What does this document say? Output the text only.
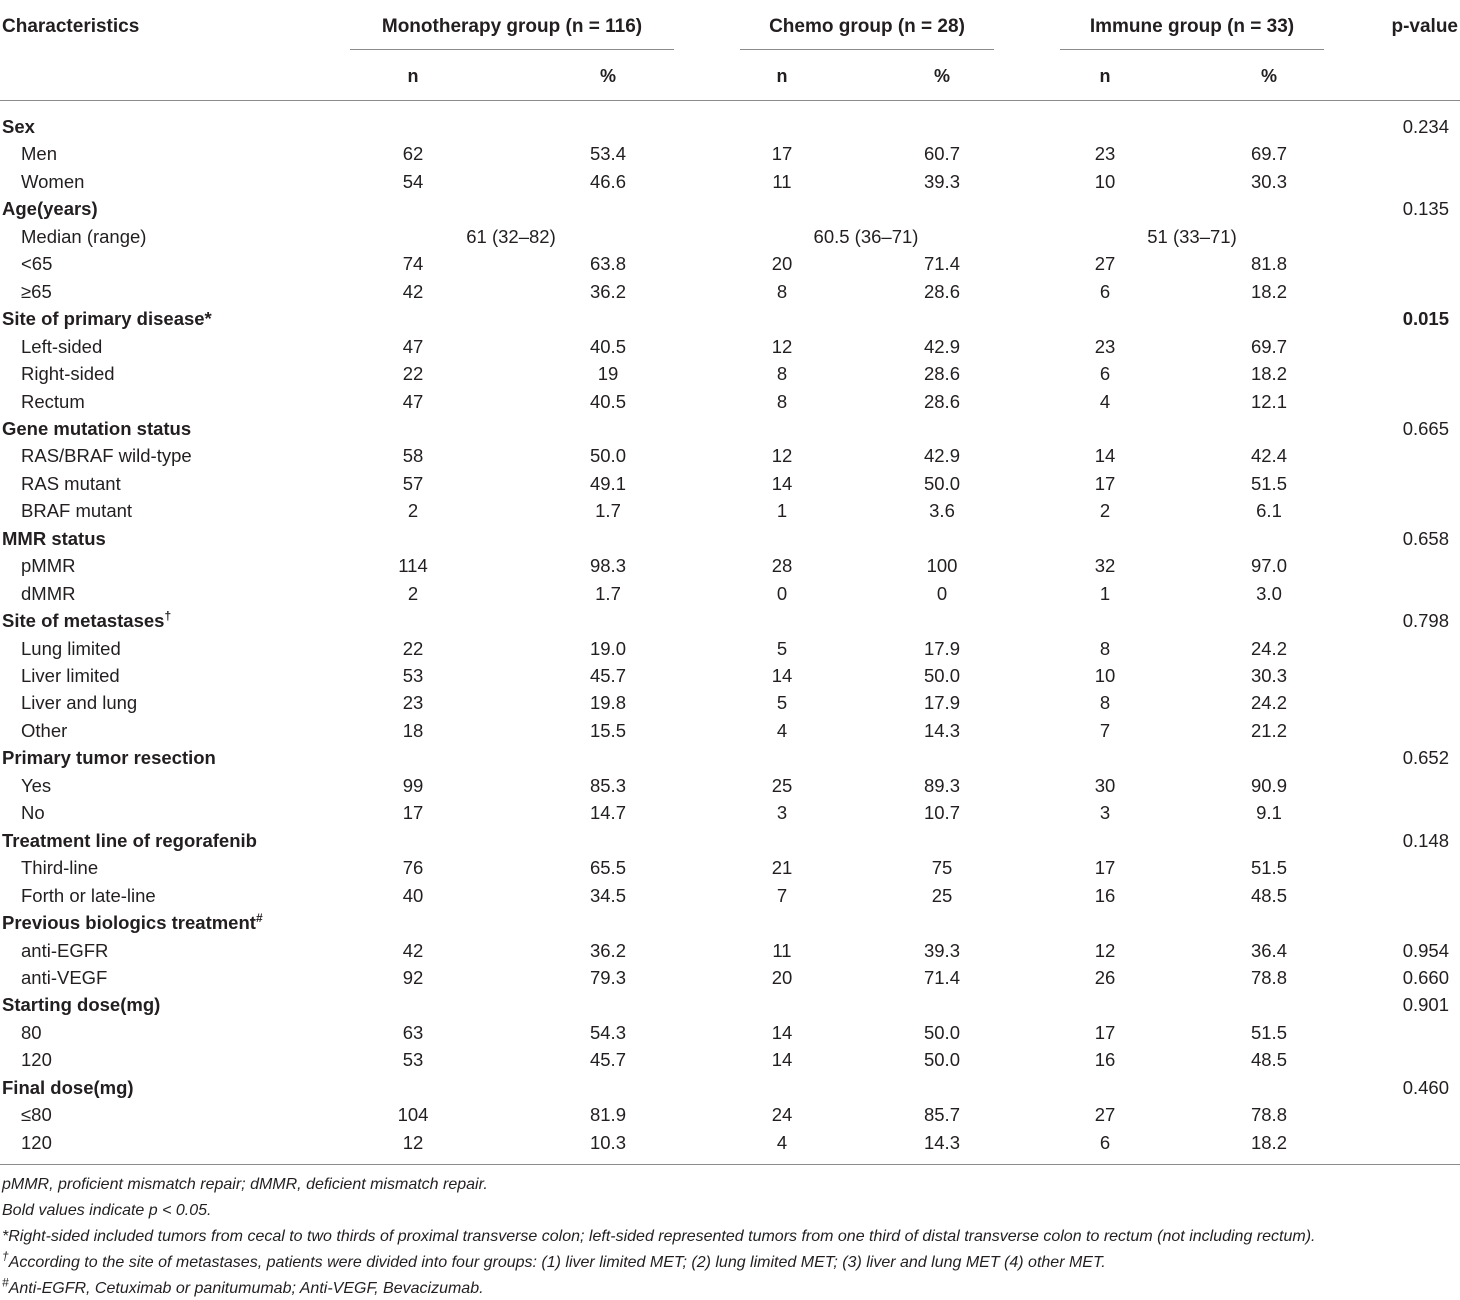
Characteristics	Monotherapy group (n = 116)	Chemo group (n = 28)	Immune group (n = 33)	p-value
n	%	n	%	n	%
Sex	0.234
Men	62	53.4	17	60.7	23	69.7
Women	54	46.6	11	39.3	10	30.3
Age(years)	0.135
Median (range)	61 (32–82)	60.5 (36–71)	51 (33–71)
<65	74	63.8	20	71.4	27	81.8
≥65	42	36.2	8	28.6	6	18.2
Site of primary disease*	0.015
Left-sided	47	40.5	12	42.9	23	69.7
Right-sided	22	19	8	28.6	6	18.2
Rectum	47	40.5	8	28.6	4	12.1
Gene mutation status	0.665
RAS/BRAF wild-type	58	50.0	12	42.9	14	42.4
RAS mutant	57	49.1	14	50.0	17	51.5
BRAF mutant	2	1.7	1	3.6	2	6.1
MMR status	0.658
pMMR	114	98.3	28	100	32	97.0
dMMR	2	1.7	0	0	1	3.0
Site of metastases†	0.798
Lung limited	22	19.0	5	17.9	8	24.2
Liver limited	53	45.7	14	50.0	10	30.3
Liver and lung	23	19.8	5	17.9	8	24.2
Other	18	15.5	4	14.3	7	21.2
Primary tumor resection	0.652
Yes	99	85.3	25	89.3	30	90.9
No	17	14.7	3	10.7	3	9.1
Treatment line of regorafenib	0.148
Third-line	76	65.5	21	75	17	51.5
Forth or late-line	40	34.5	7	25	16	48.5
Previous biologics treatment#
anti-EGFR	42	36.2	11	39.3	12	36.4	0.954
anti-VEGF	92	79.3	20	71.4	26	78.8	0.660
Starting dose(mg)	0.901
80	63	54.3	14	50.0	17	51.5
120	53	45.7	14	50.0	16	48.5
Final dose(mg)	0.460
≤80	104	81.9	24	85.7	27	78.8
120	12	10.3	4	14.3	6	18.2
pMMR, proficient mismatch repair; dMMR, deficient mismatch repair.
Bold values indicate p < 0.05.
*Right-sided included tumors from cecal to two thirds of proximal transverse colon; left-sided represented tumors from one third of distal transverse colon to rectum (not including rectum).
†According to the site of metastases, patients were divided into four groups: (1) liver limited MET; (2) lung limited MET; (3) liver and lung MET (4) other MET.
#Anti-EGFR, Cetuximab or panitumumab; Anti-VEGF, Bevacizumab.
